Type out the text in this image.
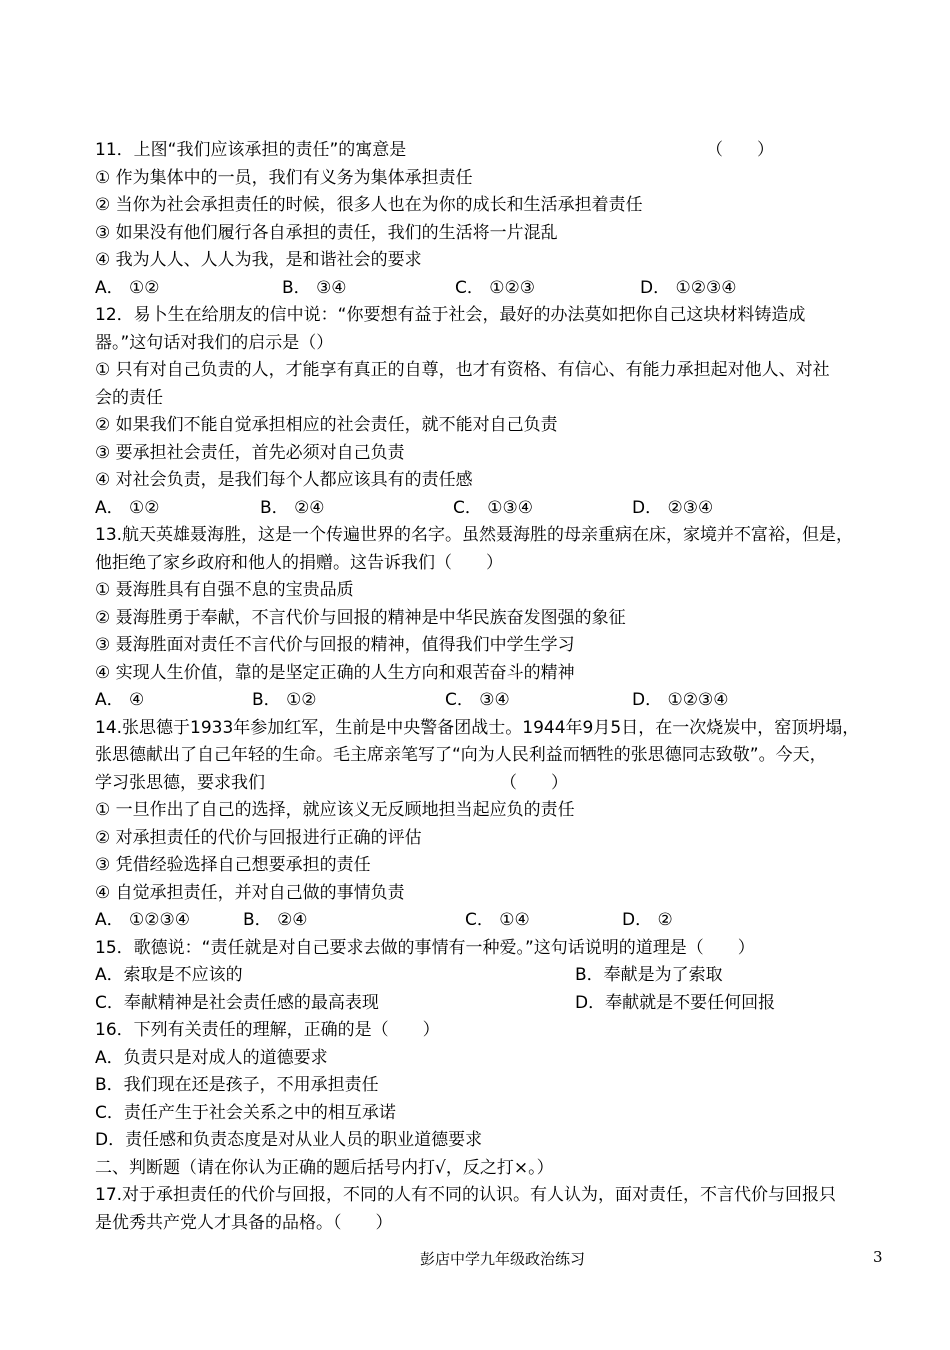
11．上图“我们应该承担的责任”的寓意是	（　　）
① 作为集体中的一员，我们有义务为集体承担责任
② 当你为社会承担责任的时候，很多人也在为你的成长和生活承担着责任
③ 如果没有他们履行各自承担的责任，我们的生活将一片混乱
④ 我为人人、人人为我，是和谐社会的要求
A． ①②	B． ③④	C． ①②③	D． ①②③④
12．易卜生在给朋友的信中说：“你要想有益于社会，最好的办法莫如把你自己这块材料铸造成
器。”这句话对我们的启示是（）
① 只有对自己负责的人，才能享有真正的自尊，也才有资格、有信心、有能力承担起对他人、对社
会的责任
② 如果我们不能自觉承担相应的社会责任，就不能对自己负责
③ 要承担社会责任，首先必须对自己负责
④ 对社会负责，是我们每个人都应该具有的责任感
A． ①②	B． ②④	C． ①③④	D． ②③④
13.航天英雄聂海胜，这是一个传遍世界的名字。虽然聂海胜的母亲重病在床，家境并不富裕，但是，
他拒绝了家乡政府和他人的捐赠。这告诉我们（　　）
① 聂海胜具有自强不息的宝贵品质
② 聂海胜勇于奉献，不言代价与回报的精神是中华民族奋发图强的象征
③ 聂海胜面对责任不言代价与回报的精神，值得我们中学生学习
④ 实现人生价值，靠的是坚定正确的人生方向和艰苦奋斗的精神
A． ④	B． ①②	C． ③④	D． ①②③④
14.张思德于1933年参加红军，生前是中央警备团战士。1944年9月5日，在一次烧炭中，窑顶坍塌，
张思德献出了自己年轻的生命。毛主席亲笔写了“向为人民利益而牺牲的张思德同志致敬”。今天，
学习张思德，要求我们	（　　）
① 一旦作出了自己的选择，就应该义无反顾地担当起应负的责任
② 对承担责任的代价与回报进行正确的评估
③ 凭借经验选择自己想要承担的责任
④ 自觉承担责任，并对自己做的事情负责
A． ①②③④	B． ②④	C． ①④	D． ②
15．歌德说：“责任就是对自己要求去做的事情有一种爱。”这句话说明的道理是（　　）
A．索取是不应该的	B．奉献是为了索取
C．奉献精神是社会责任感的最高表现	D．奉献就是不要任何回报
16．下列有关责任的理解，正确的是（　　）
A．负责只是对成人的道德要求
B．我们现在还是孩子，不用承担责任
C．责任产生于社会关系之中的相互承诺
D．责任感和负责态度是对从业人员的职业道德要求
二、判断题（请在你认为正确的题后括号内打√，反之打×。）
17.对于承担责任的代价与回报，不同的人有不同的认识。有人认为，面对责任，不言代价与回报只
是优秀共产党人才具备的品格。（　　）
彭店中学九年级政治练习	3
